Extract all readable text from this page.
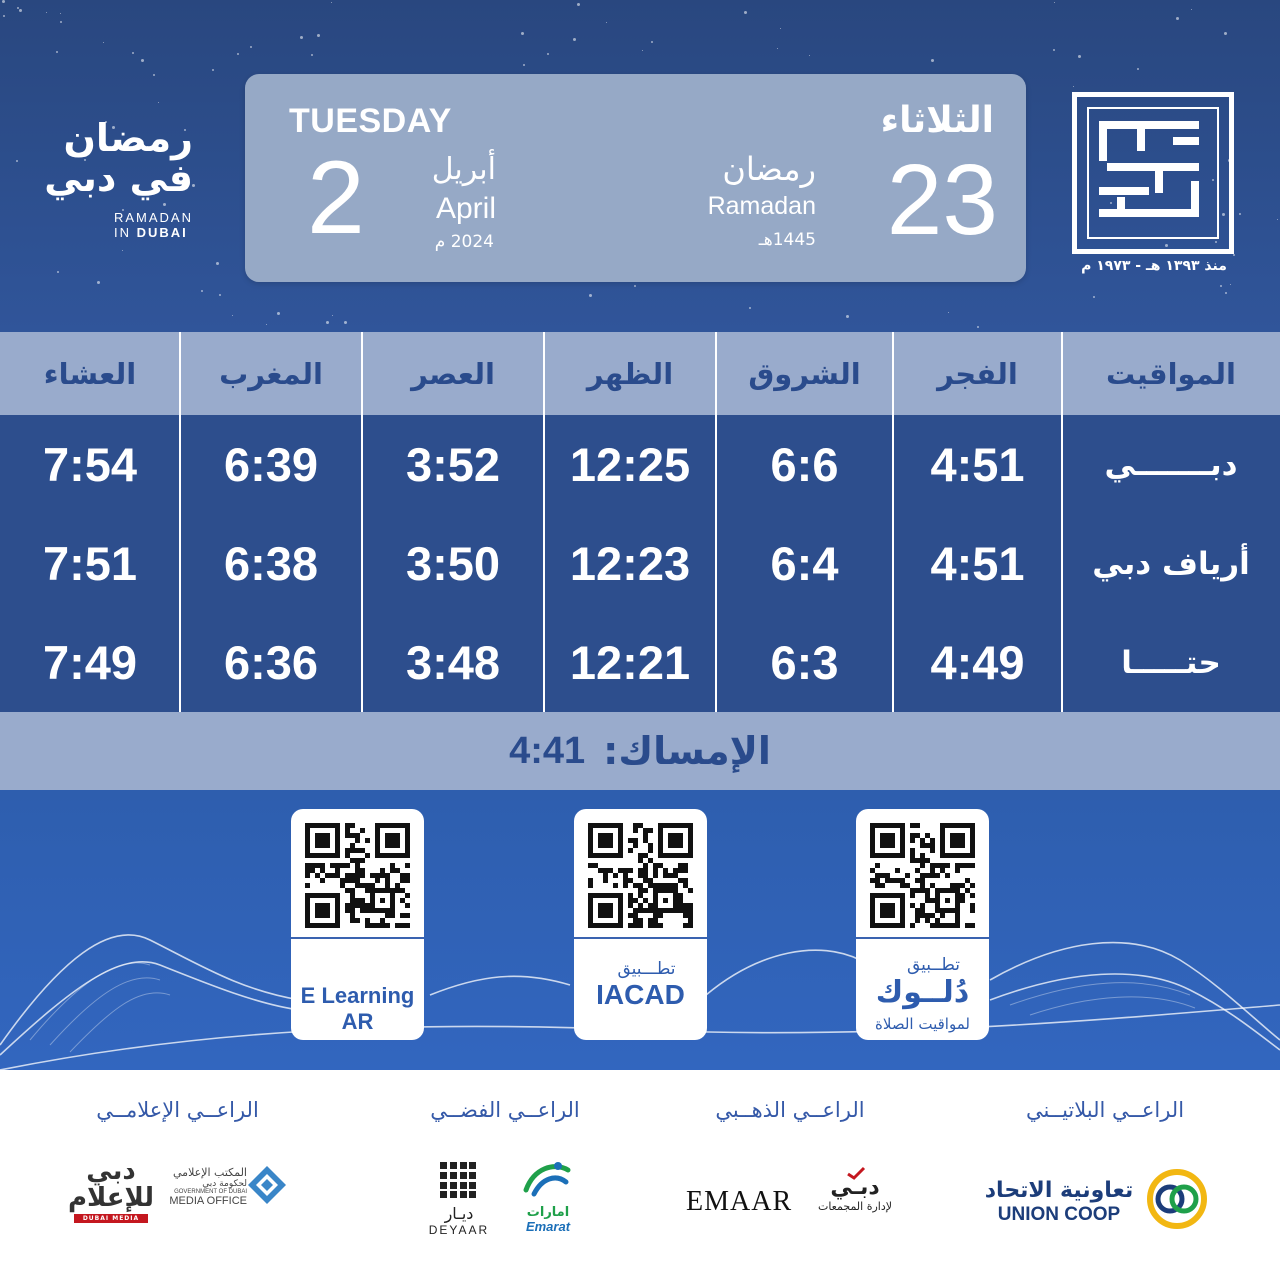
رمضان في دبي
RAMADAN
IN DUBAI
TUESDAY
2 أبريل
April
2024 م
الثلاثاء
23
رمضان
Ramadan
1445هـ
منذ ١٣٩٣ هـ - ١٩٧٣ م
المواقيت
الفجر
الشروق
الظهر
العصر
المغرب
العشاء
دبـــــــي
4:51
6:6
12:25
3:52
6:39
7:54
أرياف دبي
4:51
6:4
12:23
3:50
6:38
7:51
حتـــــا
4:49
6:3
12:21
3:48
6:36
7:49
الإمساك:
4:41
E Learning
AR
تطـــبيق
IACAD
تطــبيق
دُلــوك
لمواقيت الصلاة
الراعــي الإعلامــي
دبي للإعلام
DUBAI MEDIA
المكتب الإعلامي
لحكومة دبي
GOVERNMENT OF DUBAI
MEDIA OFFICE
الراعــي الفضــي
ديـار
DEYAAR
امارات
Emarat
الراعــي الذهــبي
EMAAR	دبـي
لإدارة المجمعات
الراعــي البلاتيــني
تعاونية الاتحاد
UNION COOP
